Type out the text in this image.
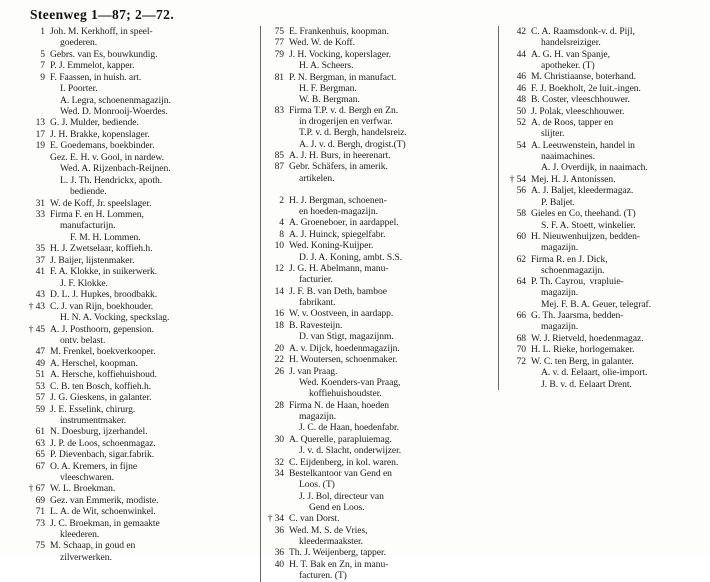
Steenweg 1—87; 2—72.
1 Joh. M. Kerkhoff, in speel-
goederen.
5 Gebrs. van Es, bouwkundig.
7 P. J. Emmelot, kapper.
9 F. Faassen, in huish. art.
I. Poorter.
A. Legra, schoenenmagazijn.
Wed. D. Monrooij-Woerdes.
13 G. J. Mulder, bediende.
17 J. H. Brakke, kopenslager.
19 E. Goedemans, boekbinder.

Gez. E. H. v. Gool, in nardew.
Wed. A. Rijzenbach-Reijnen.
L. J. Th. Hendrickx, apoth.
bediende.
31 W. de Koff, Jr. speelslager.
33 Firma F. en H. Lommen,
manufacturijn.
F. M. H. Lommen.
35 H. J. Zwetselaar, koffieh.h.
37 J. Baijer, lijstenmaker.
41 F. A. Klokke, in suikerwerk.
J. F. Klokke.
43 D. L. J. Hupkes, broodbakk.
† 43 C. J. van Rijn, boekhouder.
H. N. A. Vocking, speckslag.
† 45 A. J. Posthoorn, gepension.
ontv. belast.
47 M. Frenkel, boekverkooper.
49 A. Herschel, koopman.
51 A. Hersche, koffiehuishoud.
53 C. B. ten Bosch, koffieh.h.
57 J. G. Gieskens, in galanter.
59 J. E. Esselink, chirurg.
instrumentmaker.
61 N. Doesburg, ijzerhandel.
63 J. P. de Loos, schoenmagaz.
65 P. Dievenbach, sigar.fabrik.
67 O. A. Kremers, in fijne
vleeschwaren.
† 67 W. L. Broekman.
69 Gez. van Emmerik, modiste.
71 L. A. de Wit, schoenwinkel.
73 J. C. Broekman, in gemaakte
kleederen.
75 M. Schaap, in goud en
zilverwerken.
75 E. Frankenhuis, koopman.
77 Wed. W. de Koff.
79 J. H. Vocking, koperslager.
H. A. Scheers.
81 P. N. Bergman, in manufact.
H. F. Bergman.
W. B. Bergman.
83 Firma T.P. v. d. Bergh en Zn.
in drogerijen en verfwar.
T.P. v. d. Bergh, handelsreiz.
A. J. v. d. Bergh, drogist.(T)
85 A. J. H. Burs, in heerenart.
87 Gebr. Schäfers, in amerik.
artikelen.
2 H. J. Bergman, schoenen-
en hoeden-magazijn.
4 A. Groeneboer, in aardappel.
8 A. J. Huinck, spiegelfabr.
10 Wed. Koning-Kuijper.
D. J. A. Koning, ambt. S.S.
12 J. G. H. Abelmann, manu-
facturier.
14 J. F. B. van Deth, bamboe
fabrikant.
16 W. v. Oostveen, in aardapp.
18 B. Ravesteijn.
D. van Stigt, magazijnm.
20 A. v. Dijck, hoedenmagazijn.
22 H. Woutersen, schoenmaker.
26 J. van Praag.
Wed. Koenders-van Praag,
koffiehuishoudster.
28 Firma N. de Haan, hoeden
magazijn.
J. C. de Haan, hoedenfabr.
30 A. Querelle, parapluiemag.
J. v. d. Slacht, onderwijzer.
32 C. Eijdenberg, in kol. waren.
34 Bestelkantoor van Gend en
Loos. (T)
J. J. Bol, directeur van
Gend en Loos.
† 34 C. van Dorst.
36 Wed. M. S. de Vries,
kleedermaakster.
36 Th. J. Weijenberg, tapper.
40 H. T. Bak en Zn, in manu-
facturen. (T)
42 C. A. Raamsdonk-v. d. Pijl,
handelsreiziger.
44 A. G. H. van Spanje,
apotheker. (T)
46 M. Christiaanse, boterhand.
46 F. J. Boekholt, 2e luit.-ingen.
48 B. Coster, vleeschhouwer.
50 J. Polak, vleeschhouwer.
52 A. de Roos, tapper en
slijter.
54 A. Leeuwenstein, handel in
naaimachines.
A. J. Overdijk, in naaimach.
† 54 Mej. H. J. Antonissen.
56 A. J. Baljet, kleedermagaz.
P. Baljet.
58 Gieles en Co, theehand. (T)
S. F. A. Stoett, winkelier.
60 H. Nieuwenhuijzen, bedden-
magazijn.
62 Firma R. en J. Dick,
schoenmagazijn.
64 P. Th. Cayrou,  vrapluie-
magazijn.
Mej. F. B. A. Geuer, telegraf.
66 G. Th. Jaarsma, bedden-
magazijn.
68 W. J. Rietveld, hoedenmagaz.
70 H. L. Rieke, horlogemaker.
72 W. C. ten Berg, in galanter.
A. v. d. Eelaart, olie-import.
J. B. v. d. Eelaart Drent.
